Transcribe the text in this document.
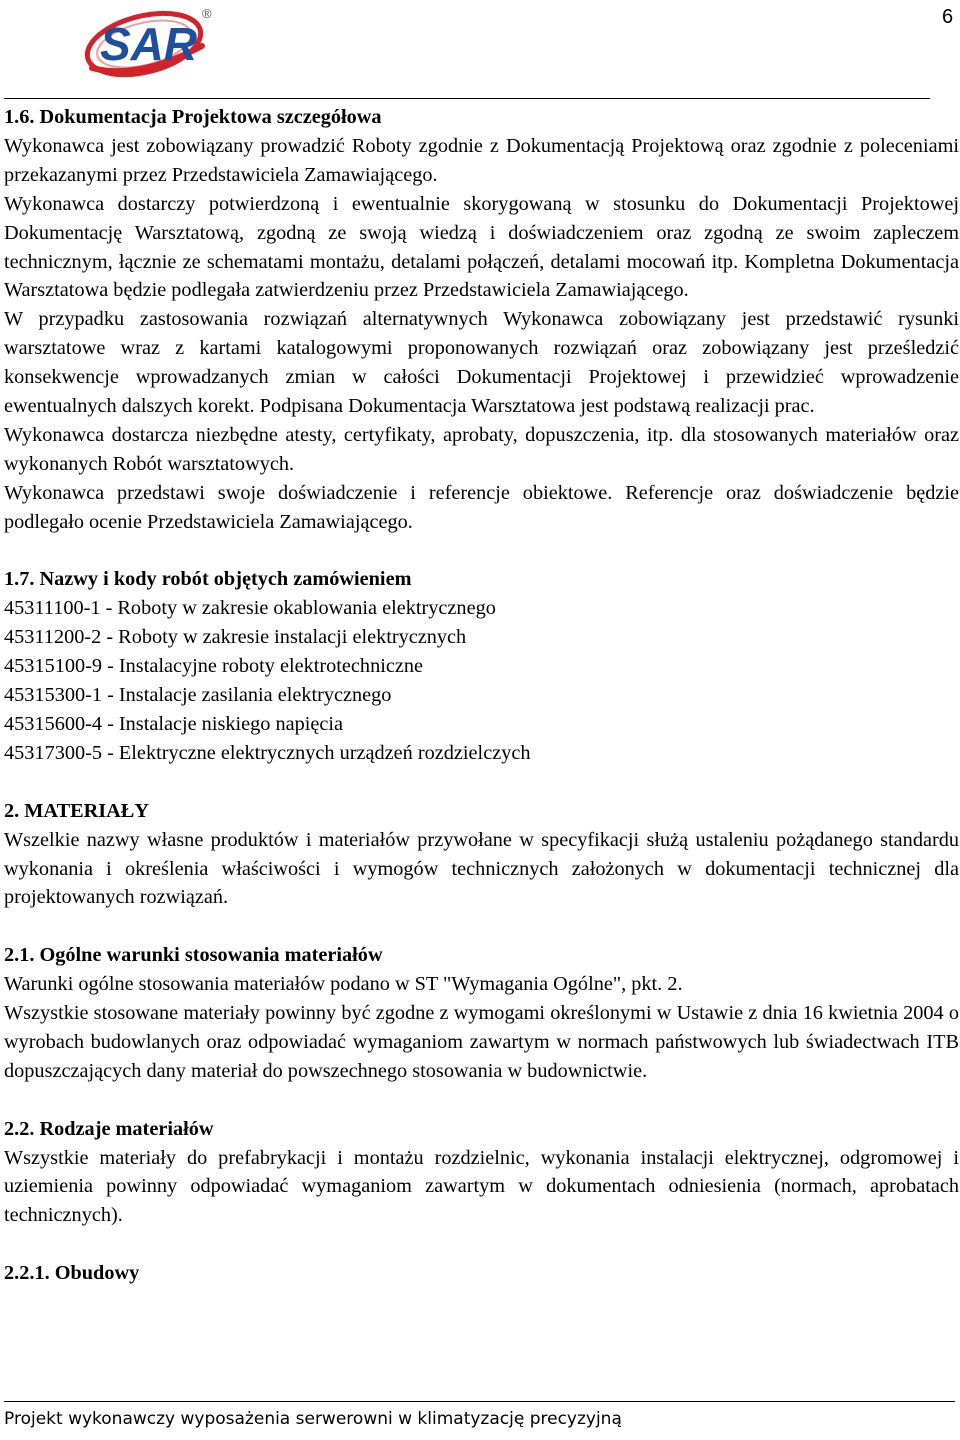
SAR
®	6
1.6. Dokumentacja Projektowa szczegółowa

Wykonawca jest zobowiązany prowadzić Roboty zgodnie z Dokumentacją Projektową oraz zgodnie z poleceniami przekazanymi przez Przedstawiciela Zamawiającego.

Wykonawca dostarczy potwierdzoną i ewentualnie skorygowaną w stosunku do Dokumentacji Projektowej Dokumentację Warsztatową, zgodną ze swoją wiedzą i doświadczeniem oraz zgodną ze swoim zapleczem technicznym, łącznie ze schematami montażu, detalami połączeń, detalami mocowań itp. Kompletna Dokumentacja Warsztatowa będzie podlegała zatwierdzeniu przez Przedstawiciela Zamawiającego.

W przypadku zastosowania rozwiązań alternatywnych Wykonawca zobowiązany jest przedstawić rysunki warsztatowe wraz z kartami katalogowymi proponowanych rozwiązań oraz zobowiązany jest prześledzić konsekwencje wprowadzanych zmian w całości Dokumentacji Projektowej i przewidzieć wprowadzenie ewentualnych dalszych korekt. Podpisana Dokumentacja Warsztatowa jest podstawą realizacji prac.

Wykonawca dostarcza niezbędne atesty, certyfikaty, aprobaty, dopuszczenia, itp. dla stosowanych materiałów oraz wykonanych Robót warsztatowych.

Wykonawca przedstawi swoje doświadczenie i referencje obiektowe. Referencje oraz doświadczenie będzie podlegało ocenie Przedstawiciela Zamawiającego.

1.7. Nazwy i kody robót objętych zamówieniem
45311100-1 - Roboty w zakresie okablowania elektrycznego
45311200-2 - Roboty w zakresie instalacji elektrycznych
45315100-9 - Instalacyjne roboty elektrotechniczne
45315300-1 - Instalacje zasilania elektrycznego
45315600-4 - Instalacje niskiego napięcia
45317300-5 - Elektryczne elektrycznych urządzeń rozdzielczych
2. MATERIAŁY

Wszelkie nazwy własne produktów i materiałów przywołane w specyfikacji służą ustaleniu pożądanego standardu wykonania i określenia właściwości i wymogów technicznych założonych w dokumentacji technicznej dla projektowanych rozwiązań.

2.1. Ogólne warunki stosowania materiałów

Warunki ogólne stosowania materiałów podano w ST "Wymagania Ogólne", pkt. 2.

Wszystkie stosowane materiały powinny być zgodne z wymogami określonymi w Ustawie z dnia 16 kwietnia 2004 o wyrobach budowlanych oraz odpowiadać wymaganiom zawartym w normach państwowych lub świadectwach ITB dopuszczających dany materiał do powszechnego stosowania w budownictwie.

2.2. Rodzaje materiałów

Wszystkie materiały do prefabrykacji i montażu rozdzielnic, wykonania instalacji elektrycznej, odgromowej i uziemienia powinny odpowiadać wymaganiom zawartym w dokumentach odniesienia (normach, aprobatach technicznych).

2.2.1. Obudowy
Projekt wykonawczy wyposażenia serwerowni w klimatyzację precyzyjną
